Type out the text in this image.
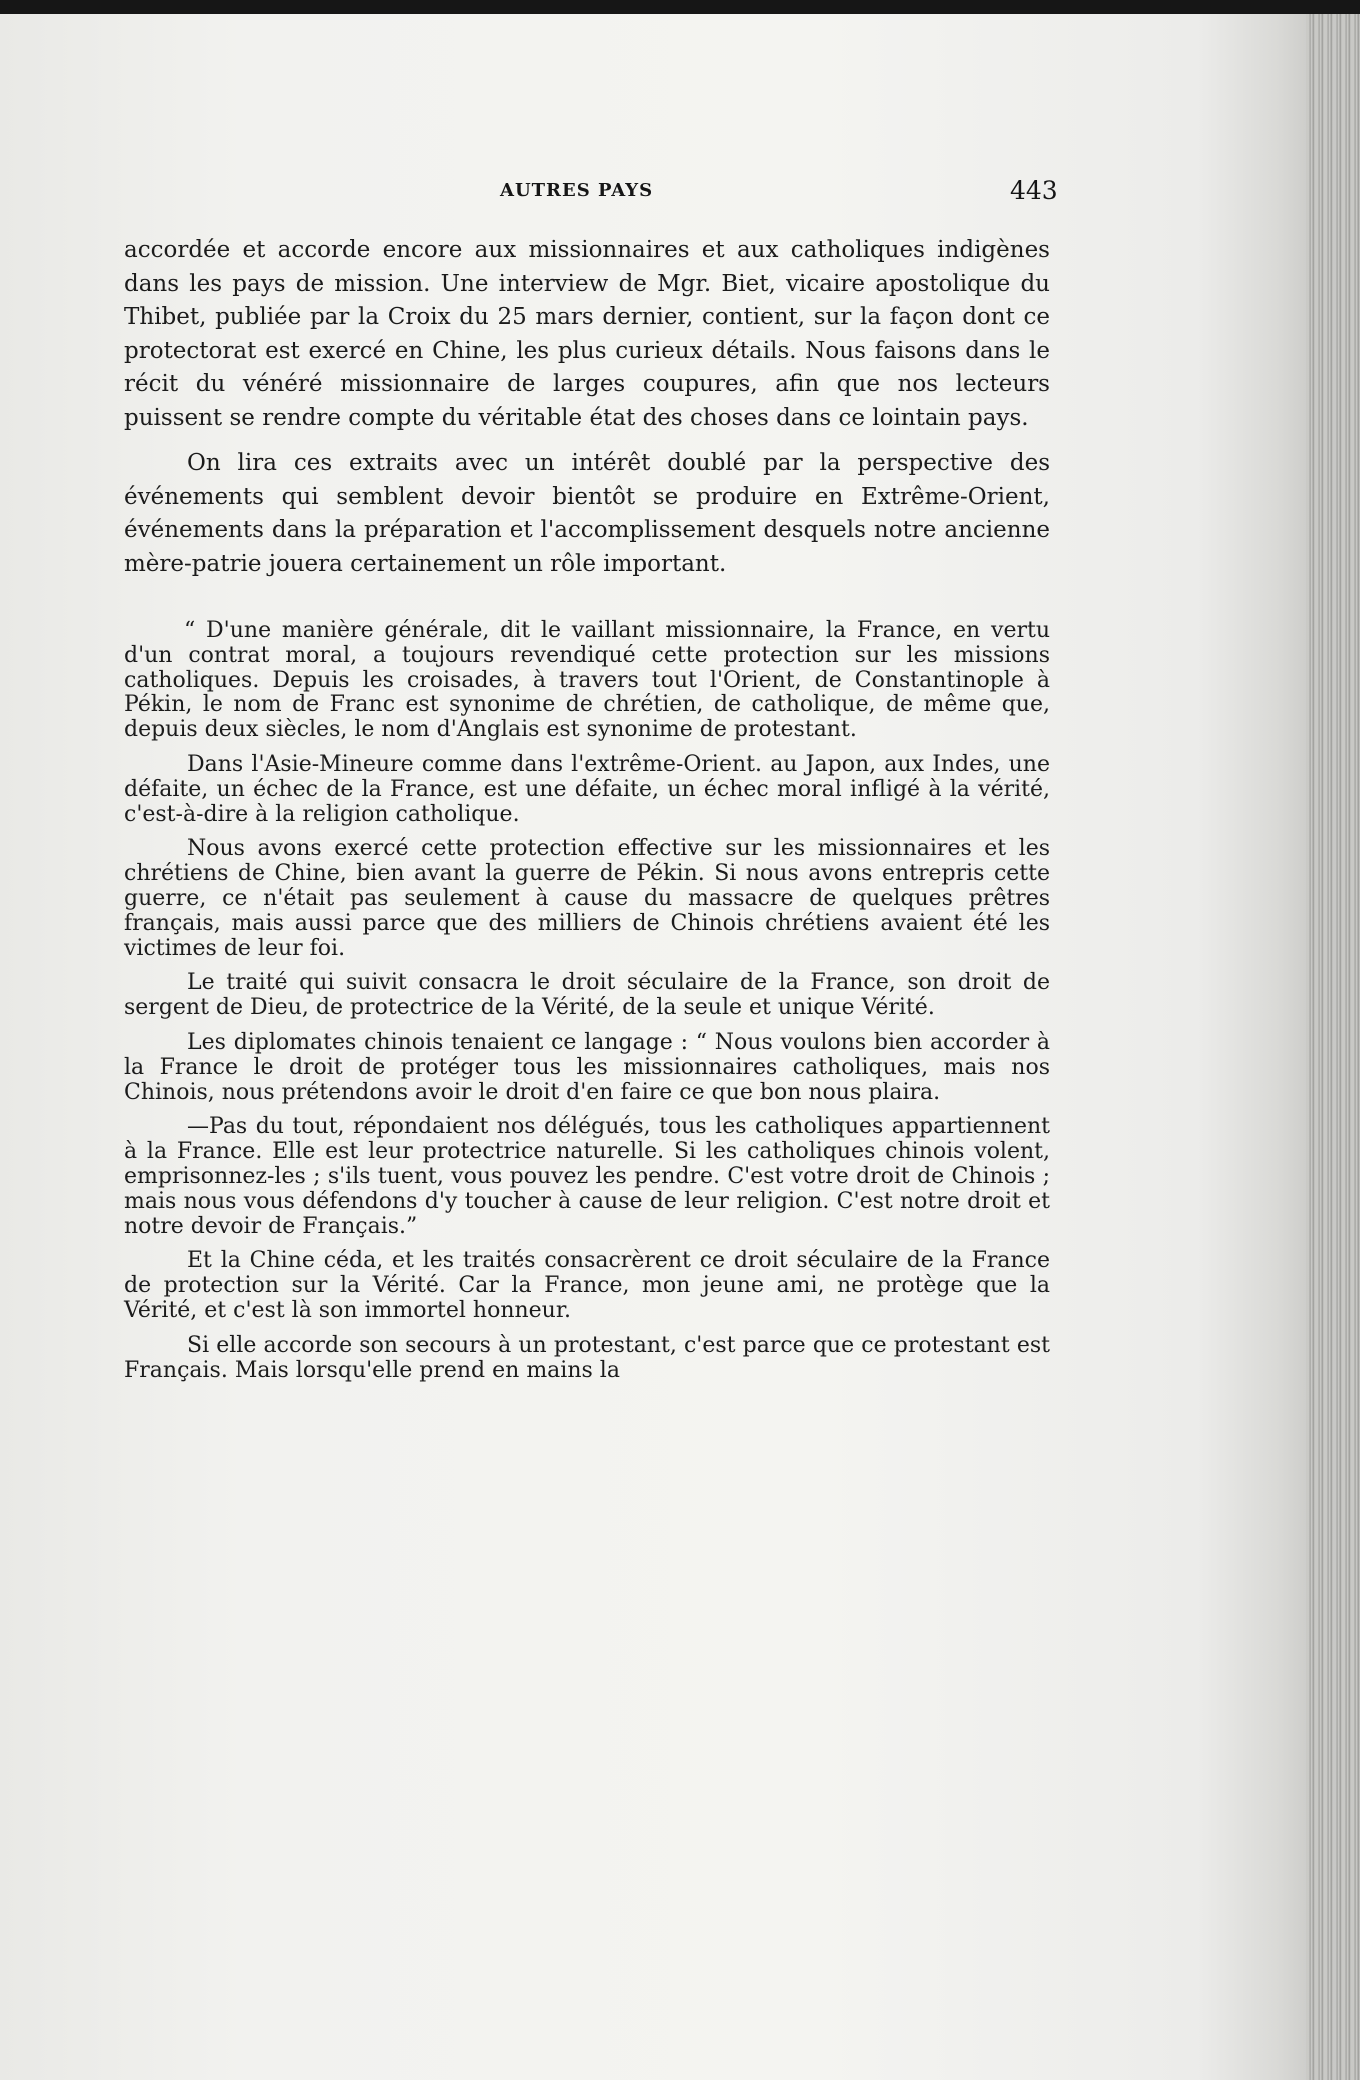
AUTRES PAYS	443

accordée et accorde encore aux missionnaires et aux catholiques indigènes dans les pays de mission. Une interview de Mgr. Biet, vicaire apostolique du Thibet, publiée par la Croix du 25 mars dernier, contient, sur la façon dont ce protectorat est exercé en Chine, les plus curieux détails. Nous faisons dans le récit du vénéré missionnaire de larges coupures, afin que nos lecteurs puissent se rendre compte du véritable état des choses dans ce lointain pays.

On lira ces extraits avec un intérêt doublé par la perspective des événements qui semblent devoir bientôt se produire en Extrême-Orient, événements dans la préparation et l'accomplissement desquels notre ancienne mère-patrie jouera certainement un rôle important.

“ D'une manière générale, dit le vaillant missionnaire, la France, en vertu d'un contrat moral, a toujours revendiqué cette protection sur les missions catholiques. Depuis les croisades, à travers tout l'Orient, de Constantinople à Pékin, le nom de Franc est synonime de chrétien, de catholique, de même que, depuis deux siècles, le nom d'Anglais est synonime de protestant.

Dans l'Asie-Mineure comme dans l'extrême-Orient. au Japon, aux Indes, une défaite, un échec de la France, est une défaite, un échec moral infligé à la vérité, c'est-à-dire à la religion catholique.

Nous avons exercé cette protection effective sur les missionnaires et les chrétiens de Chine, bien avant la guerre de Pékin. Si nous avons entrepris cette guerre, ce n'était pas seulement à cause du massacre de quelques prêtres français, mais aussi parce que des milliers de Chinois chrétiens avaient été les victimes de leur foi.

Le traité qui suivit consacra le droit séculaire de la France, son droit de sergent de Dieu, de protectrice de la Vérité, de la seule et unique Vérité.

Les diplomates chinois tenaient ce langage : “ Nous voulons bien accorder à la France le droit de protéger tous les missionnaires catholiques, mais nos Chinois, nous prétendons avoir le droit d'en faire ce que bon nous plaira.

—Pas du tout, répondaient nos délégués, tous les catholiques appartiennent à la France. Elle est leur protectrice naturelle. Si les catholiques chinois volent, emprisonnez-les ; s'ils tuent, vous pouvez les pendre. C'est votre droit de Chinois ; mais nous vous défendons d'y toucher à cause de leur religion. C'est notre droit et notre devoir de Français.”

Et la Chine céda, et les traités consacrèrent ce droit séculaire de la France de protection sur la Vérité. Car la France, mon jeune ami, ne protège que la Vérité, et c'est là son immortel honneur.

Si elle accorde son secours à un protestant, c'est parce que ce protestant est Français. Mais lorsqu'elle prend en mains la
